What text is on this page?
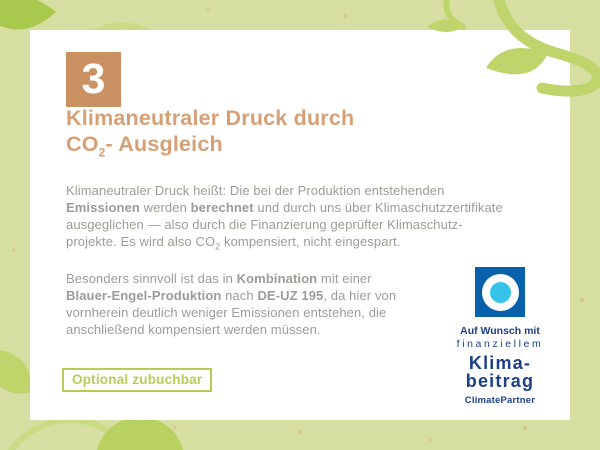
3
Klimaneutraler Druck durch
$CO_2-$ Ausgleich

Klimaneutraler Druck heißt: Die bei der Produktion entstehenden
Emissionen werden berechnet und durch uns über Klimaschutzzertifikate
ausgeglichen — also durch die Finanzierung geprüfter Klimaschutz-
projekte. Es wird also $CO_2$ kompensiert, nicht eingespart.

Besonders sinnvoll ist das in Kombination mit einer
Blauer-Engel-Produktion nach DE-UZ 195, da hier von
vornherein deutlich weniger Emissionen entstehen, die
anschließend kompensiert werden müssen.	Auf Wunsch mit
finanziellem
Klima-
beitrag
ClimatePartner
Optional zubuchbar
